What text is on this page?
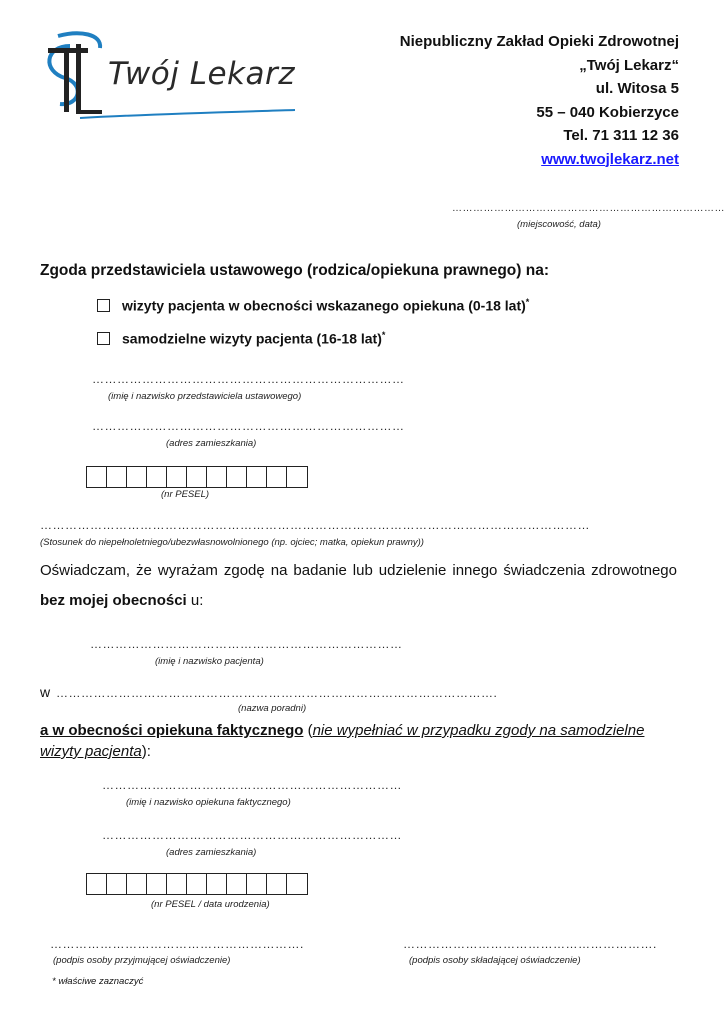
Twój Lekarz
Niepubliczny Zakład Opieki Zdrowotnej
„Twój Lekarz“
ul. Witosa 5
55 – 040 Kobierzyce
Tel. 71 311 12 36
www.twojlekarz.net
……………………………………………………………………
(miejscowość, data)
Zgoda przedstawiciela ustawowego (rodzica/opiekuna prawnego) na:
wizyty pacjenta w obecności wskazanego opiekuna (0-18 lat)*
samodzielne wizyty pacjenta (16-18 lat)*
…………………………………………………………………
(imię i nazwisko przedstawiciela ustawowego)
…………………………………………………………………
(adres zamieszkania)
(nr PESEL)
……………………………………………………………………………………………………………………
(Stosunek do niepełnoletniego/ubezwłasnowolnionego (np. ojciec; matka, opiekun prawny))
Oświadczam, że wyrażam zgodę na badanie lub udzielenie innego świadczenia zdrowotnego bez mojej obecności u:
…………………………………………………………………
(imię i nazwisko pacjenta)
w …………………………………………………………………………………………….
(nazwa poradni)
a w obecności opiekuna faktycznego (nie wypełniać w przypadku zgody na samodzielne wizyty pacjenta):
………………………………………………………………
(imię i nazwisko opiekuna faktycznego)
………………………………………………………………
(adres zamieszkania)
(nr PESEL / data urodzenia)
…………………………………………………….
(podpis osoby przyjmującej oświadczenie)
…………………………………………………….
(podpis osoby składającej oświadczenie)
* właściwe zaznaczyć
